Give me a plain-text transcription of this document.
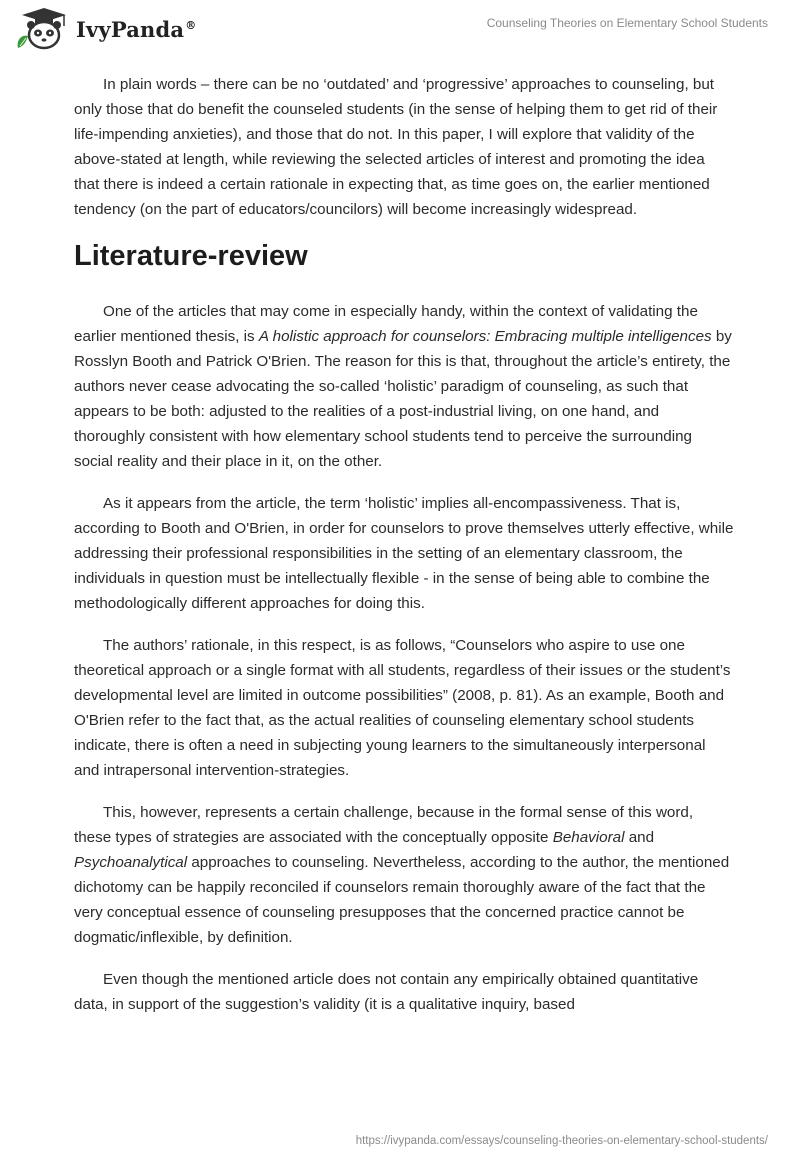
IvyPanda®	Counseling Theories on Elementary School Students

In plain words – there can be no ‘outdated’ and ‘progressive’ approaches to counseling, but only those that do benefit the counseled students (in the sense of helping them to get rid of their life-impending anxieties), and those that do not. In this paper, I will explore that validity of the above-stated at length, while reviewing the selected articles of interest and promoting the idea that there is indeed a certain rationale in expecting that, as time goes on, the earlier mentioned tendency (on the part of educators/councilors) will become increasingly widespread.

Literature-review

One of the articles that may come in especially handy, within the context of validating the earlier mentioned thesis, is A holistic approach for counselors: Embracing multiple intelligences by Rosslyn Booth and Patrick O'Brien. The reason for this is that, throughout the article’s entirety, the authors never cease advocating the so-called ‘holistic’ paradigm of counseling, as such that appears to be both: adjusted to the realities of a post-industrial living, on one hand, and thoroughly consistent with how elementary school students tend to perceive the surrounding social reality and their place in it, on the other.

As it appears from the article, the term ‘holistic’ implies all-encompassiveness. That is, according to Booth and O'Brien, in order for counselors to prove themselves utterly effective, while addressing their professional responsibilities in the setting of an elementary classroom, the individuals in question must be intellectually flexible - in the sense of being able to combine the methodologically different approaches for doing this.

The authors’ rationale, in this respect, is as follows, “Counselors who aspire to use one theoretical approach or a single format with all students, regardless of their issues or the student’s developmental level are limited in outcome possibilities” (2008, p. 81). As an example, Booth and O'Brien refer to the fact that, as the actual realities of counseling elementary school students indicate, there is often a need in subjecting young learners to the simultaneously interpersonal and intrapersonal intervention-strategies.

This, however, represents a certain challenge, because in the formal sense of this word, these types of strategies are associated with the conceptually opposite Behavioral and Psychoanalytical approaches to counseling. Nevertheless, according to the author, the mentioned dichotomy can be happily reconciled if counselors remain thoroughly aware of the fact that the very conceptual essence of counseling presupposes that the concerned practice cannot be dogmatic/inflexible, by definition.

Even though the mentioned article does not contain any empirically obtained quantitative data, in support of the suggestion’s validity (it is a qualitative inquiry, based

https://ivypanda.com/essays/counseling-theories-on-elementary-school-students/
